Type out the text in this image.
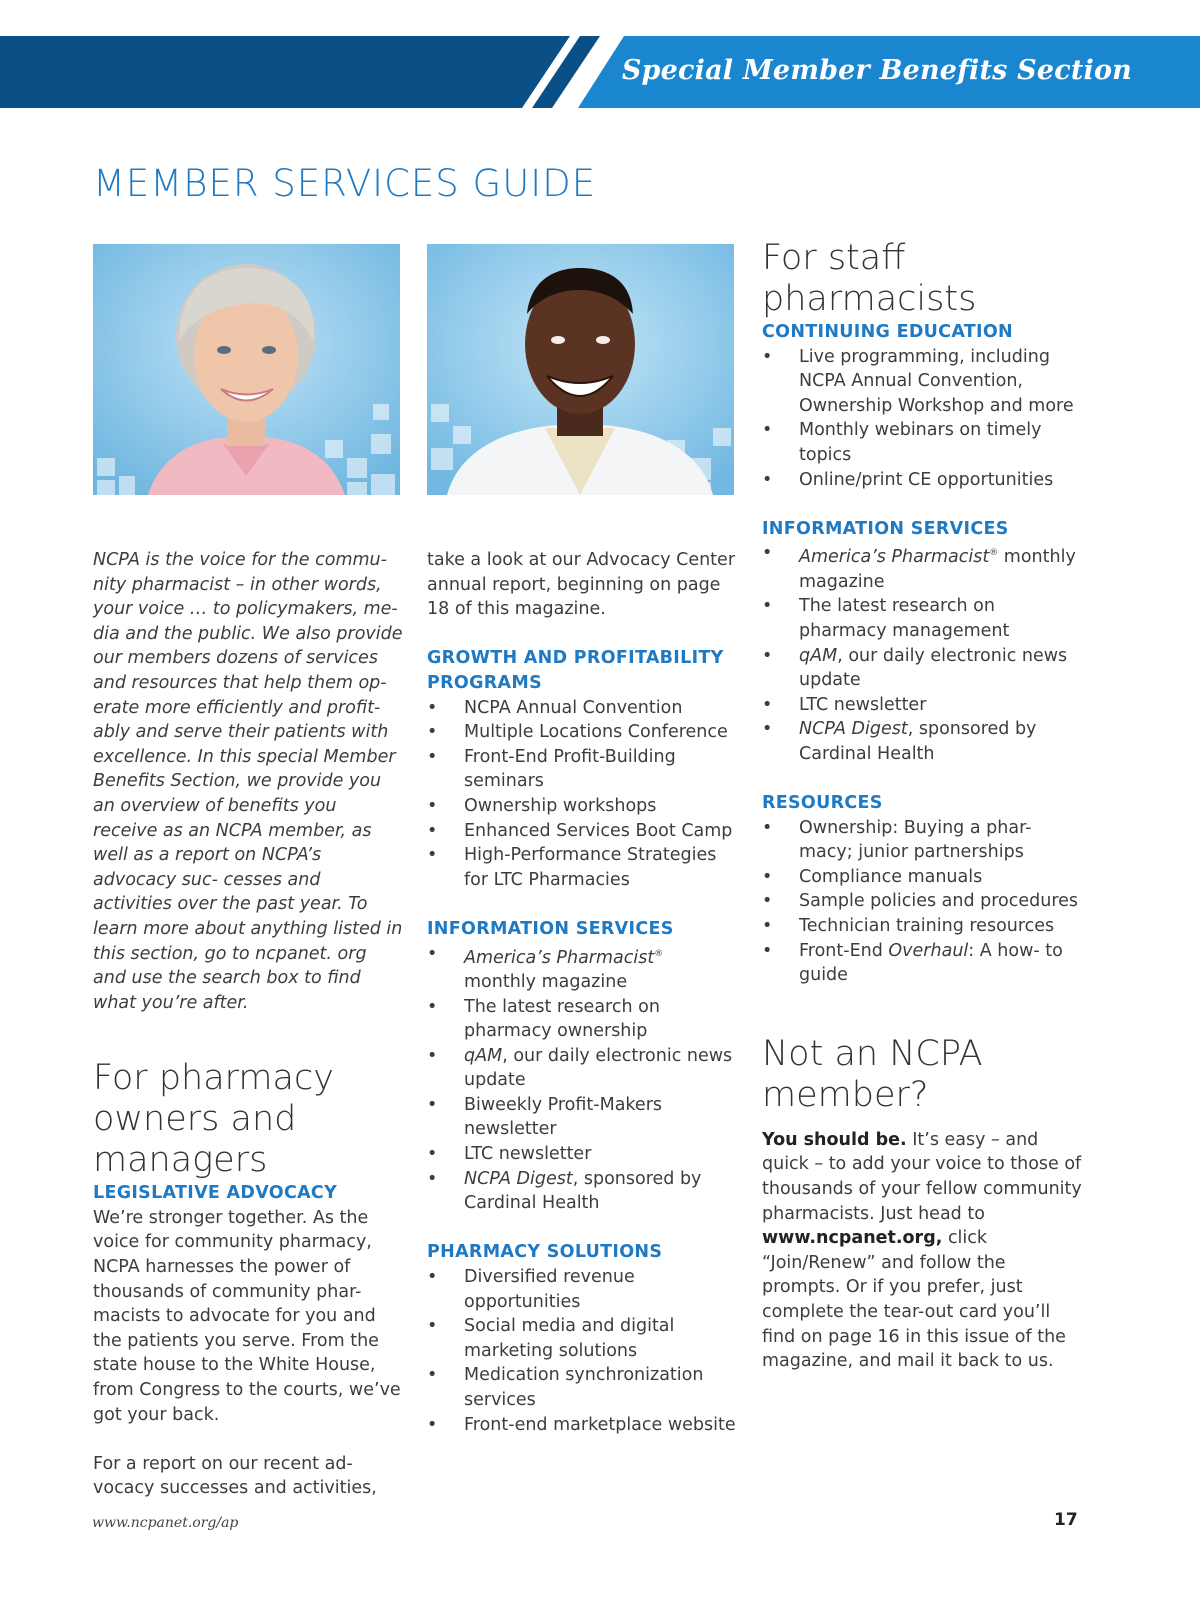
Special Member Benefits Section
MEMBER SERVICES GUIDE

NCPA is the voice for the commu- nity pharmacist – in other words, your voice … to policymakers, me- dia and the public. We also provide our members dozens of services and resources that help them op- erate more efficiently and profit- ably and serve their patients with excellence. In this special Member Benefits Section, we provide you an overview of benefits you receive as an NCPA member, as well as a report on NCPA’s advocacy suc- cesses and activities over the past year. To learn more about anything listed in this section, go to ncpanet. org and use the search box to find what you’re after.

For pharmacy owners and managers

LEGISLATIVE ADVOCACY

We’re stronger together. As the voice for community pharmacy, NCPA harnesses the power of thousands of community phar- macists to advocate for you and the patients you serve. From the state house to the White House, from Congress to the courts, we’ve got your back.

For a report on our recent ad- vocacy successes and activities,

take a look at our Advocacy Center annual report, beginning on page 18 of this magazine.

GROWTH AND PROFITABILITY PROGRAMS

• NCPA Annual Convention
• Multiple Locations Conference
• Front-End Profit-Building seminars
• Ownership workshops
• Enhanced Services Boot Camp
• High-Performance Strategies for LTC Pharmacies

INFORMATION SERVICES

• America’s Pharmacist® monthly magazine
• The latest research on pharmacy ownership
• qAM, our daily electronic news update
• Biweekly Profit-Makers newsletter
• LTC newsletter
• NCPA Digest, sponsored by Cardinal Health

PHARMACY SOLUTIONS

• Diversified revenue opportunities
• Social media and digital marketing solutions
• Medication synchronization services
• Front-end marketplace website

For staff pharmacists

CONTINUING EDUCATION

• Live programming, including NCPA Annual Convention, Ownership Workshop and more
• Monthly webinars on timely topics
• Online/print CE opportunities

INFORMATION SERVICES

• America’s Pharmacist® monthly magazine
• The latest research on pharmacy management
• qAM, our daily electronic news update
• LTC newsletter
• NCPA Digest, sponsored by Cardinal Health

RESOURCES

• Ownership: Buying a phar- macy; junior partnerships
• Compliance manuals
• Sample policies and procedures
• Technician training resources
• Front-End Overhaul: A how- to guide

Not an NCPA member?

You should be. It’s easy – and quick – to add your voice to those of thousands of your fellow community pharmacists. Just head to www.ncpanet.org, click “Join/Renew” and follow the prompts. Or if you prefer, just complete the tear-out card you’ll find on page 16 in this issue of the magazine, and mail it back to us.

www.ncpanet.org/ap	17
